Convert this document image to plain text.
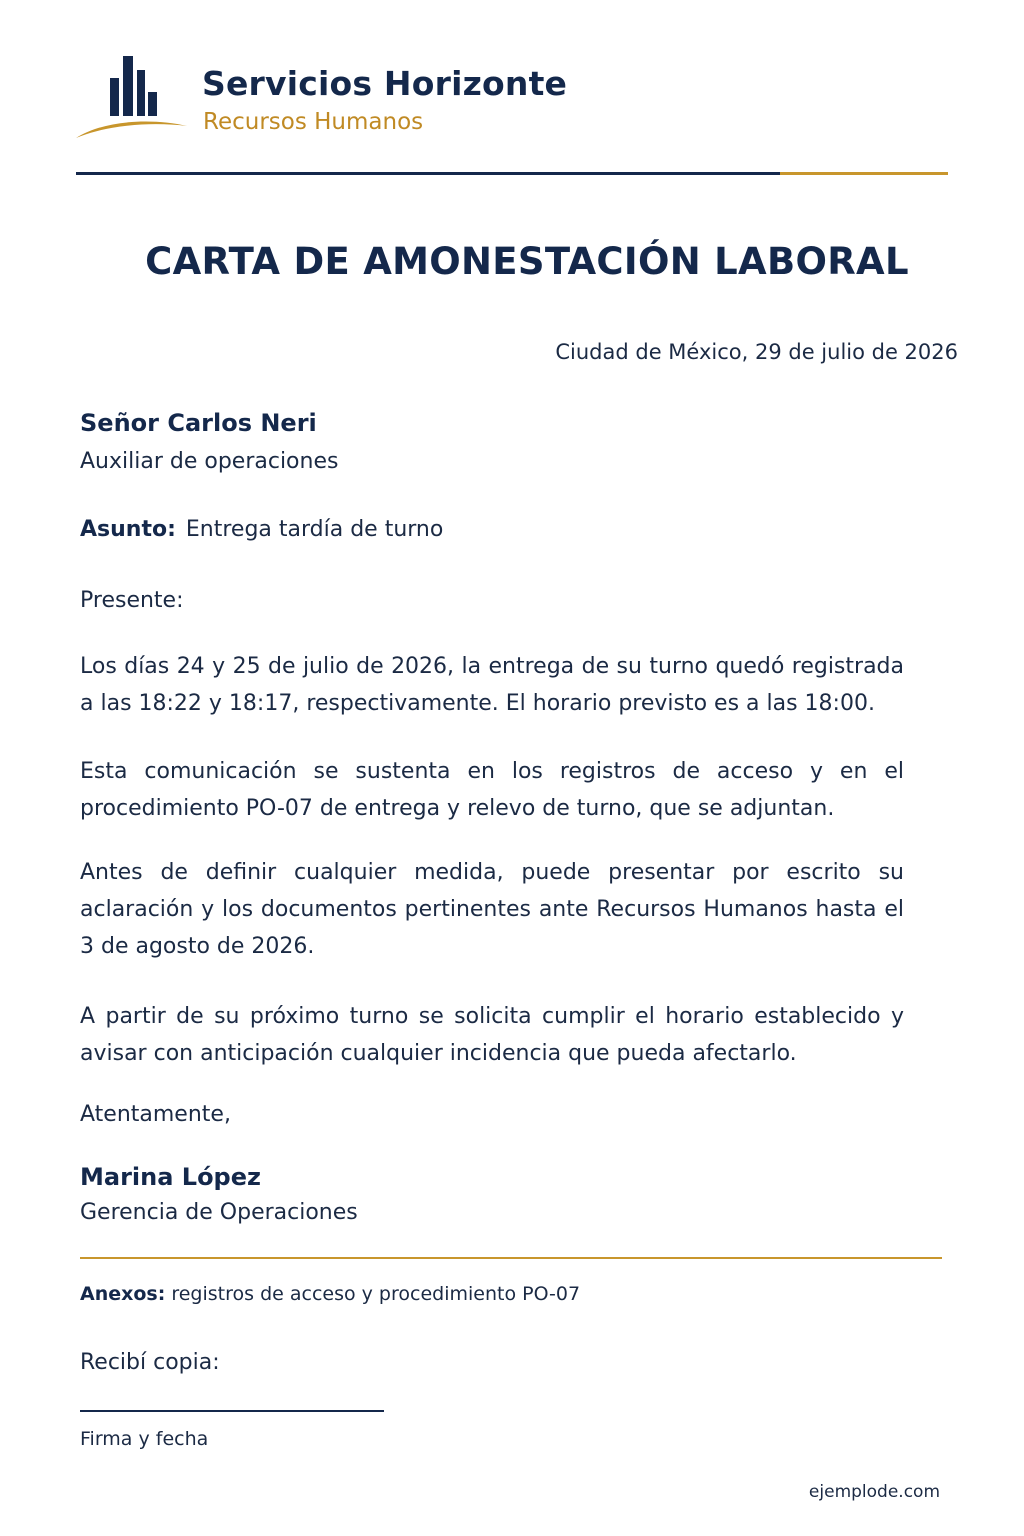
Servicios Horizonte
Recursos Humanos
CARTA DE AMONESTACIÓN LABORAL
Ciudad de México, 29 de julio de 2026
Señor Carlos Neri
Auxiliar de operaciones
Asunto: Entrega tardía de turno
Presente:
Los días 24 y 25 de julio de 2026, la entrega de su turno quedó registrada a las 18:22 y 18:17, respectivamente. El horario previsto es a las 18:00.
Esta comunicación se sustenta en los registros de acceso y en el procedimiento PO-07 de entrega y relevo de turno, que se adjuntan.
Antes de definir cualquier medida, puede presentar por escrito su aclaración y los documentos pertinentes ante Recursos Humanos hasta el 3 de agosto de 2026.
A partir de su próximo turno se solicita cumplir el horario establecido y avisar con anticipación cualquier incidencia que pueda afectarlo.
Atentamente,
Marina López
Gerencia de Operaciones
Anexos: registros de acceso y procedimiento PO-07
Recibí copia:
Firma y fecha
ejemplode.com
